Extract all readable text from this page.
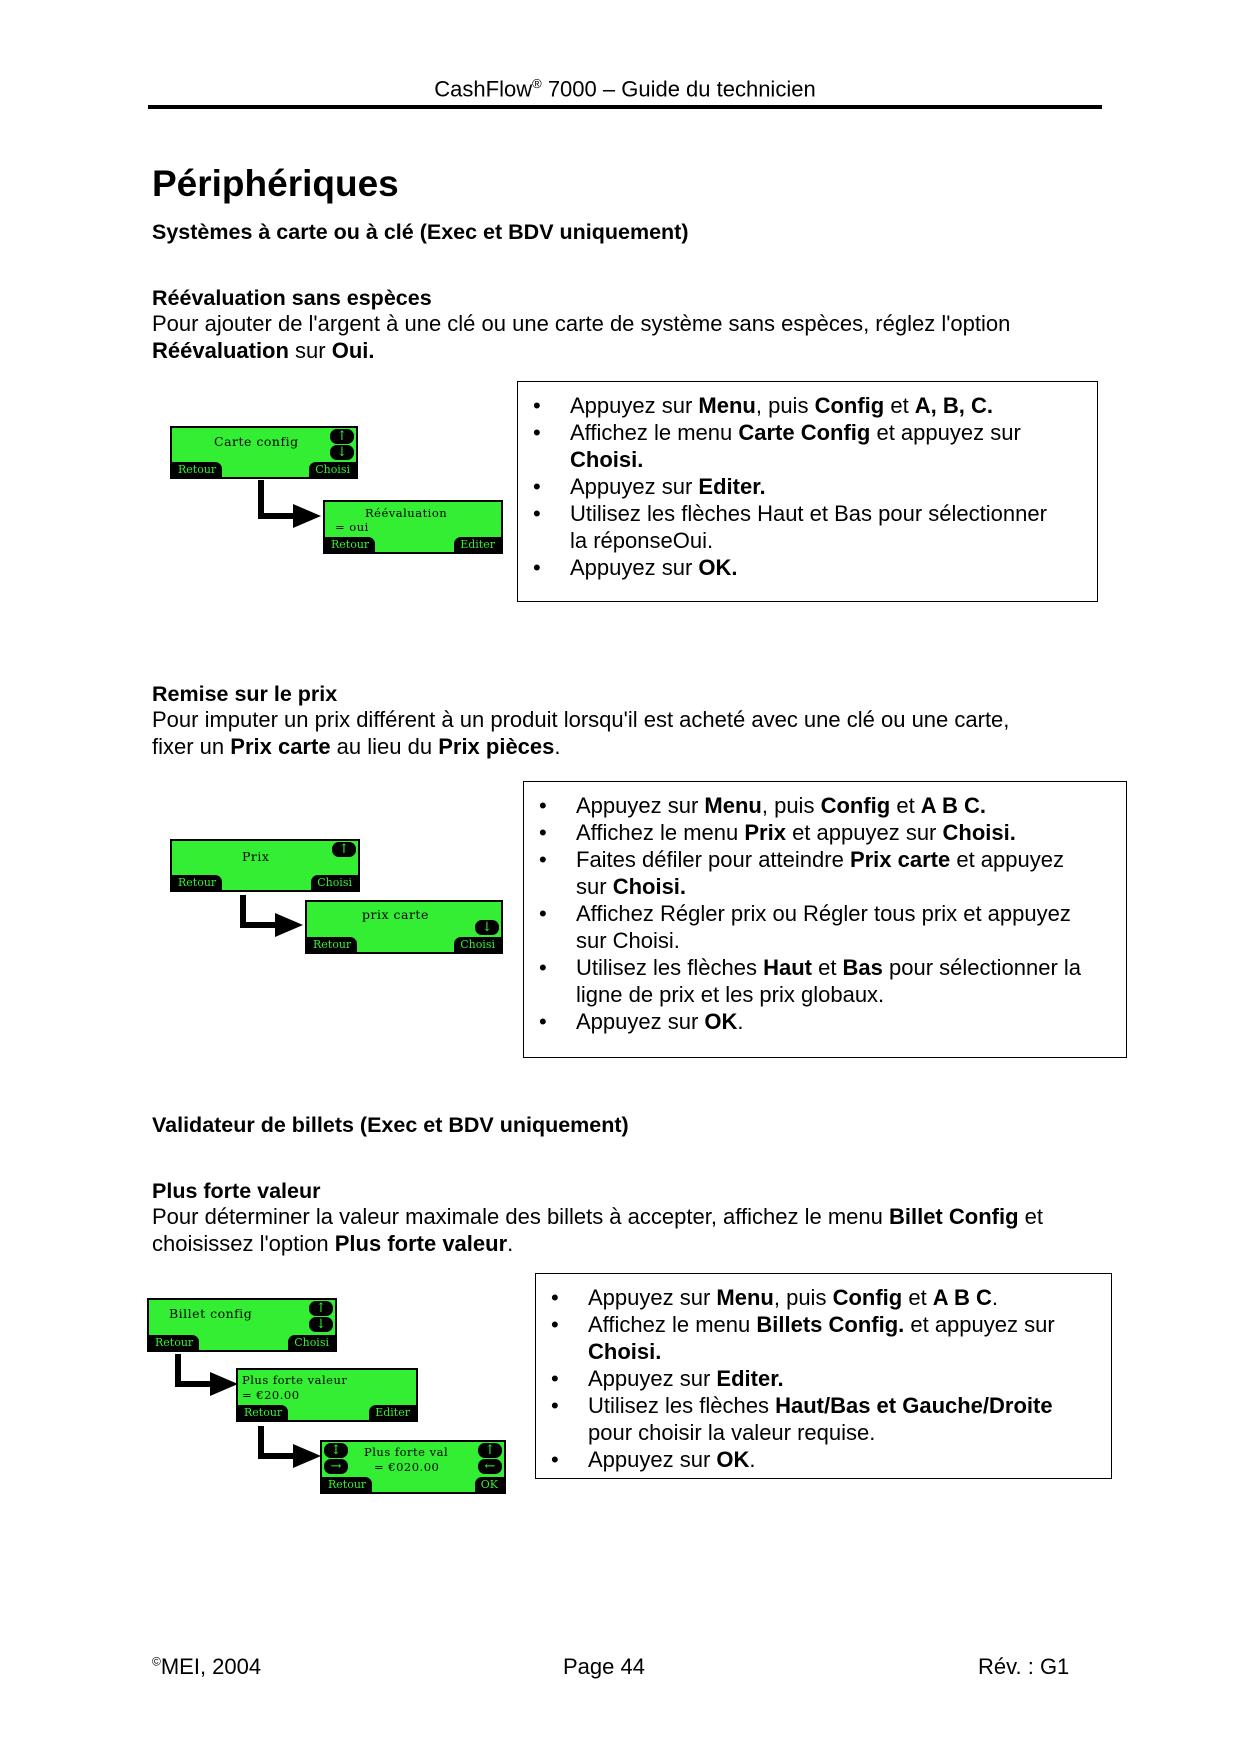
CashFlow® 7000 – Guide du technicien
Périphériques
Systèmes à carte ou à clé (Exec et BDV uniquement)
Réévaluation sans espèces
Pour ajouter de l'argent à une clé ou une carte de système sans espèces, réglez l'option
Réévaluation sur Oui.
Carte config	↑
↓
Retour	Choisi
Réévaluation
= oui
Retour	Editer
• Appuyez sur Menu, puis Config et A, B, C.
• Affichez le menu Carte Config et appuyez sur
Choisi.
• Appuyez sur Editer.
• Utilisez les flèches Haut et Bas pour sélectionner
la réponseOui.
• Appuyez sur OK.
Remise sur le prix
Pour imputer un prix différent à un produit lorsqu'il est acheté avec une clé ou une carte,
fixer un Prix carte au lieu du Prix pièces.
Prix	↑
Retour	Choisi
prix carte
↓
Retour	Choisi
• Appuyez sur Menu, puis Config et A B C.
• Affichez le menu Prix et appuyez sur Choisi.
• Faites défiler pour atteindre Prix carte et appuyez
sur Choisi.
• Affichez Régler prix ou Régler tous prix et appuyez
sur Choisi.
• Utilisez les flèches Haut et Bas pour sélectionner la
ligne de prix et les prix globaux.
• Appuyez sur OK.
Validateur de billets (Exec et BDV uniquement)
Plus forte valeur
Pour déterminer la valeur maximale des billets à accepter, affichez le menu Billet Config et
choisissez l'option Plus forte valeur.
Billet config	↑
↓
Retour	Choisi
Plus forte valeur
= €20.00
Retour	Editer
↕
→
Plus forte val
= €020.00
↑
←
Retour	OK
• Appuyez sur Menu, puis Config et A B C.
• Affichez le menu Billets Config. et appuyez sur
Choisi.
• Appuyez sur Editer.
• Utilisez les flèches Haut/Bas et Gauche/Droite
pour choisir la valeur requise.
• Appuyez sur OK.
©MEI, 2004	Page 44	Rév. : G1
